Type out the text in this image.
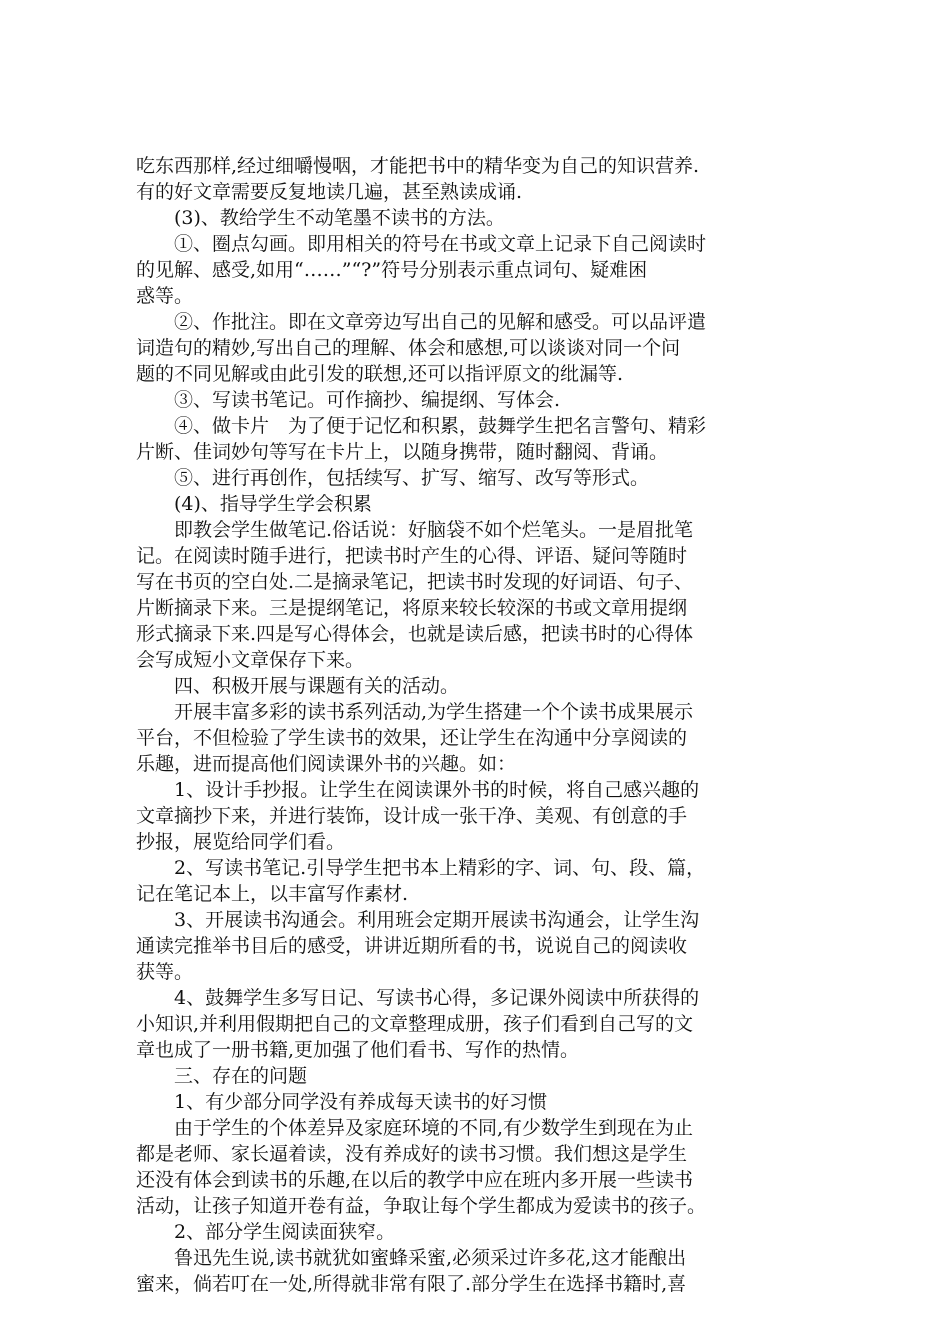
吃东西那样,经过细嚼慢咽，才能把书中的精华变为自己的知识营养.
有的好文章需要反复地读几遍，甚至熟读成诵.
　　(3)、教给学生不动笔墨不读书的方法。
　　①、圈点勾画。即用相关的符号在书或文章上记录下自己阅读时
的见解、感受,如用“……”“?”符号分别表示重点词句、疑难困
惑等。
　　②、作批注。即在文章旁边写出自己的见解和感受。可以品评遣
词造句的精妙,写出自己的理解、体会和感想,可以谈谈对同一个问
题的不同见解或由此引发的联想,还可以指评原文的纰漏等.
　　③、写读书笔记。可作摘抄、编提纲、写体会.
　　④、做卡片　为了便于记忆和积累，鼓舞学生把名言警句、精彩
片断、佳词妙句等写在卡片上，以随身携带，随时翻阅、背诵。
　　⑤、进行再创作，包括续写、扩写、缩写、改写等形式。
　　(4)、指导学生学会积累
　　即教会学生做笔记.俗话说：好脑袋不如个烂笔头。一是眉批笔
记。在阅读时随手进行，把读书时产生的心得、评语、疑问等随时
写在书页的空白处.二是摘录笔记，把读书时发现的好词语、句子、
片断摘录下来。三是提纲笔记，将原来较长较深的书或文章用提纲
形式摘录下来.四是写心得体会，也就是读后感，把读书时的心得体
会写成短小文章保存下来。
　　四、积极开展与课题有关的活动。
　　开展丰富多彩的读书系列活动,为学生搭建一个个读书成果展示
平台，不但检验了学生读书的效果，还让学生在沟通中分享阅读的
乐趣，进而提高他们阅读课外书的兴趣。如：
　　1、设计手抄报。让学生在阅读课外书的时候，将自己感兴趣的
文章摘抄下来，并进行装饰，设计成一张干净、美观、有创意的手
抄报，展览给同学们看。
　　2、写读书笔记.引导学生把书本上精彩的字、词、句、段、篇，
记在笔记本上，以丰富写作素材.
　　3、开展读书沟通会。利用班会定期开展读书沟通会，让学生沟
通读完推举书目后的感受，讲讲近期所看的书，说说自己的阅读收
获等。
　　4、鼓舞学生多写日记、写读书心得，多记课外阅读中所获得的
小知识,并利用假期把自己的文章整理成册，孩子们看到自己写的文
章也成了一册书籍,更加强了他们看书、写作的热情。
　　三、存在的问题
　　1、有少部分同学没有养成每天读书的好习惯
　　由于学生的个体差异及家庭环境的不同,有少数学生到现在为止
都是老师、家长逼着读，没有养成好的读书习惯。我们想这是学生
还没有体会到读书的乐趣,在以后的教学中应在班内多开展一些读书
活动，让孩子知道开卷有益，争取让每个学生都成为爱读书的孩子。
　　2、部分学生阅读面狭窄。
　　鲁迅先生说,读书就犹如蜜蜂采蜜,必须采过许多花,这才能酿出
蜜来，倘若叮在一处,所得就非常有限了.部分学生在选择书籍时,喜
